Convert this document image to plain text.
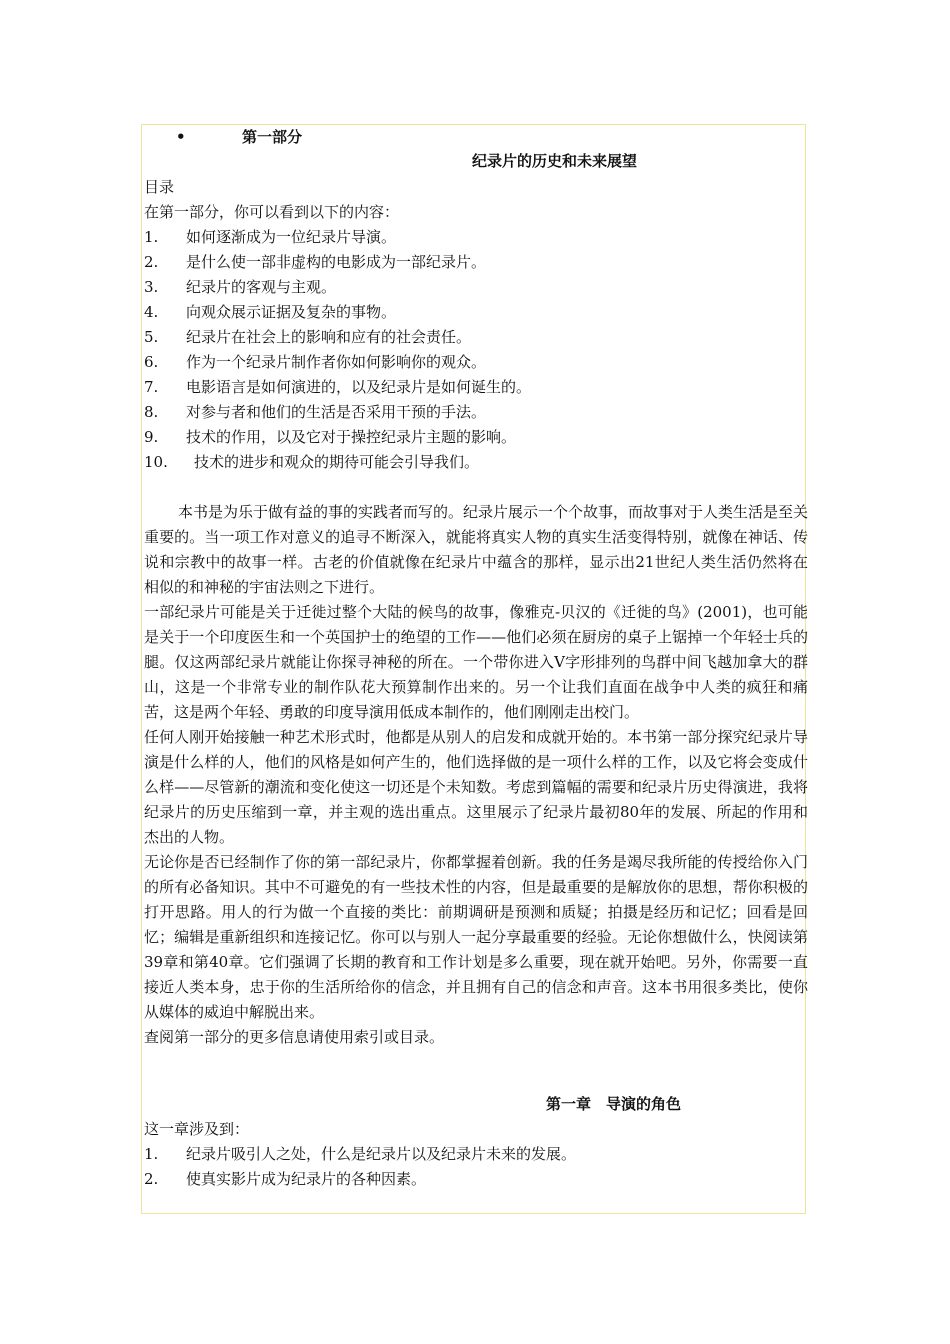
•	第一部分
纪录片的历史和未来展望
目录
在第一部分，你可以看到以下的内容：
1. 如何逐渐成为一位纪录片导演。
2. 是什么使一部非虚构的电影成为一部纪录片。
3. 纪录片的客观与主观。
4. 向观众展示证据及复杂的事物。
5. 纪录片在社会上的影响和应有的社会责任。
6. 作为一个纪录片制作者你如何影响你的观众。
7. 电影语言是如何演进的，以及纪录片是如何诞生的。
8. 对参与者和他们的生活是否采用干预的手法。
9. 技术的作用，以及它对于操控纪录片主题的影响。
10. 技术的进步和观众的期待可能会引导我们。

本书是为乐于做有益的事的实践者而写的。纪录片展示一个个故事，而故事对于人类生活是至关重要的。当一项工作对意义的追寻不断深入，就能将真实人物的真实生活变得特别，就像在神话、传说和宗教中的故事一样。古老的价值就像在纪录片中蕴含的那样，显示出21世纪人类生活仍然将在相似的和神秘的宇宙法则之下进行。

一部纪录片可能是关于迁徙过整个大陆的候鸟的故事，像雅克-贝汉的《迁徙的鸟》(2001)，也可能是关于一个印度医生和一个英国护士的绝望的工作——他们必须在厨房的桌子上锯掉一个年轻士兵的腿。仅这两部纪录片就能让你探寻神秘的所在。一个带你进入V字形排列的鸟群中间飞越加拿大的群山，这是一个非常专业的制作队花大预算制作出来的。另一个让我们直面在战争中人类的疯狂和痛苦，这是两个年轻、勇敢的印度导演用低成本制作的，他们刚刚走出校门。

任何人刚开始接触一种艺术形式时，他都是从别人的启发和成就开始的。本书第一部分探究纪录片导演是什么样的人，他们的风格是如何产生的，他们选择做的是一项什么样的工作，以及它将会变成什么样——尽管新的潮流和变化使这一切还是个未知数。考虑到篇幅的需要和纪录片历史得演进，我将纪录片的历史压缩到一章，并主观的选出重点。这里展示了纪录片最初80年的发展、所起的作用和杰出的人物。

无论你是否已经制作了你的第一部纪录片，你都掌握着创新。我的任务是竭尽我所能的传授给你入门的所有必备知识。其中不可避免的有一些技术性的内容，但是最重要的是解放你的思想，帮你积极的打开思路。用人的行为做一个直接的类比：前期调研是预测和质疑；拍摄是经历和记忆；回看是回忆；编辑是重新组织和连接记忆。你可以与别人一起分享最重要的经验。无论你想做什么，快阅读第39章和第40章。它们强调了长期的教育和工作计划是多么重要，现在就开始吧。另外，你需要一直接近人类本身，忠于你的生活所给你的信念，并且拥有自己的信念和声音。这本书用很多类比，使你从媒体的威迫中解脱出来。

查阅第一部分的更多信息请使用索引或目录。

第一章　导演的角色
这一章涉及到：
1. 纪录片吸引人之处，什么是纪录片以及纪录片未来的发展。
2. 使真实影片成为纪录片的各种因素。
